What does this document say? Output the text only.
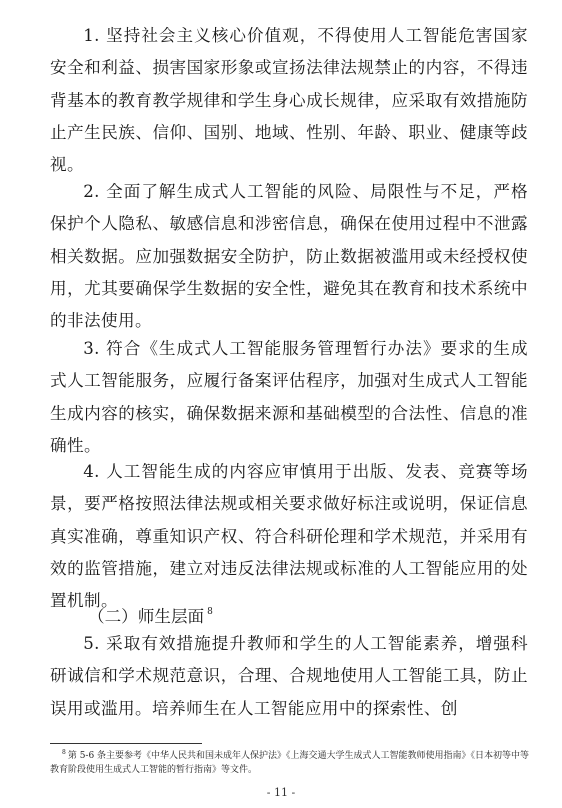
1. 坚持社会主义核心价值观，不得使用人工智能危害国家安全和利益、损害国家形象或宣扬法律法规禁止的内容，不得违背基本的教育教学规律和学生身心成长规律，应采取有效措施防止产生民族、信仰、国别、地域、性别、年龄、职业、健康等歧视。

2. 全面了解生成式人工智能的风险、局限性与不足，严格保护个人隐私、敏感信息和涉密信息，确保在使用过程中不泄露相关数据。应加强数据安全防护，防止数据被滥用或未经授权使用，尤其要确保学生数据的安全性，避免其在教育和技术系统中的非法使用。

3. 符合《生成式人工智能服务管理暂行办法》要求的生成式人工智能服务，应履行备案评估程序，加强对生成式人工智能生成内容的核实，确保数据来源和基础模型的合法性、信息的准确性。

4. 人工智能生成的内容应审慎用于出版、发表、竞赛等场景，要严格按照法律法规或相关要求做好标注或说明，保证信息真实准确，尊重知识产权、符合科研伦理和学术规范，并采用有效的监管措施，建立对违反法律法规或标准的人工智能应用的处置机制。

（二）师生层面 $^8$

5. 采取有效措施提升教师和学生的人工智能素养，增强科研诚信和学术规范意识，合理、合规地使用人工智能工具，防止误用或滥用。培养师生在人工智能应用中的探索性、创

$^8$ 第 5-6 条主要参考《中华人民共和国未成年人保护法》《上海交通大学生成式人工智能教师使用指南》《日本初等中等教育阶段使用生成式人工智能的暂行指南》等文件。

- 11 -
